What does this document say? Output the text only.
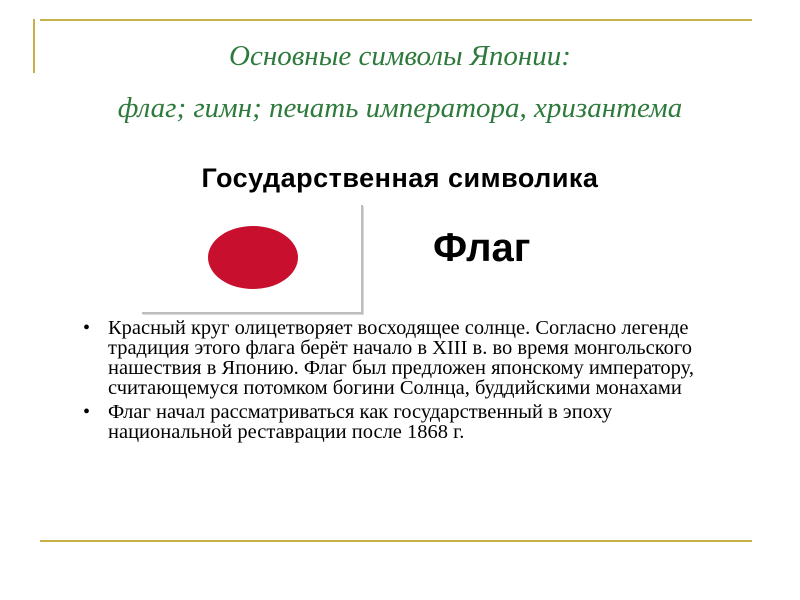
Основные символы Японии:
флаг; гимн; печать императора, хризантема
Государственная символика
Флаг
• Красный круг олицетворяет восходящее солнце. Согласно легенде традиция этого флага берёт начало в XIII в. во время монгольского нашествия в Японию. Флаг был предложен японскому императору, считающемуся потомком богини Солнца, буддийскими монахами
• Флаг начал рассматриваться как государственный в эпоху национальной реставрации после 1868 г.
